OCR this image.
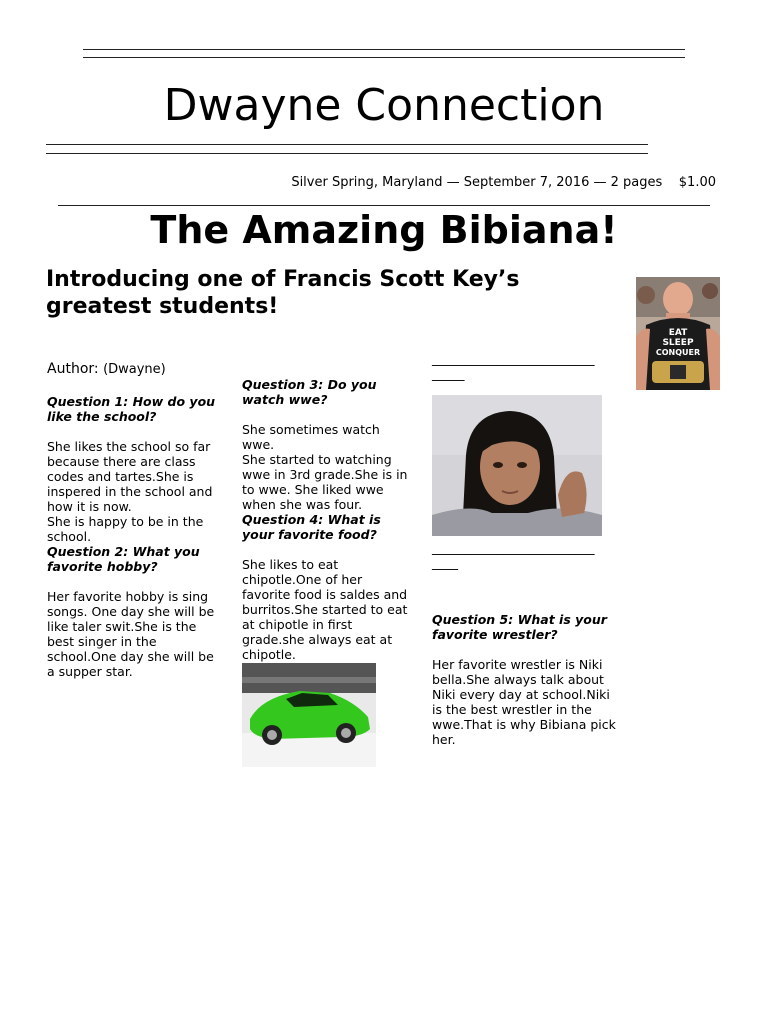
Dwayne Connection
Silver Spring, Maryland — September 7, 2016 — 2 pages    $1.00
The Amazing Bibiana!
Introducing one of Francis Scott Key’s greatest students!
Author: (Dwayne)

Question 1: How do you like the school?

She likes the school so far because there are class codes and tartes.She is inspered in the school and how it is now.

She is happy to be in the school.

Question 2: What you favorite hobby?

Her favorite hobby is sing songs. One day she will be like taler swit.She is the best singer in the school.One day she will be a supper star.

Question 3: Do you watch wwe?

She sometimes watch wwe.

She started to watching wwe in 3rd grade.She is in to wwe. She liked wwe when she was four.

Question 4: What is your favorite food?

She likes to eat chipotle.One of her favorite food is saldes and burritos.She started to eat at chipotle in first grade.she always eat at chipotle.

_________________________
_____
_________________________
____

Question 5: What is your favorite wrestler?

Her favorite wrestler is Niki bella.She always talk about Niki every day at school.Niki is the best wrestler in the wwe.That is why Bibiana pick her.

EAT
SLEEP
CONQUER
